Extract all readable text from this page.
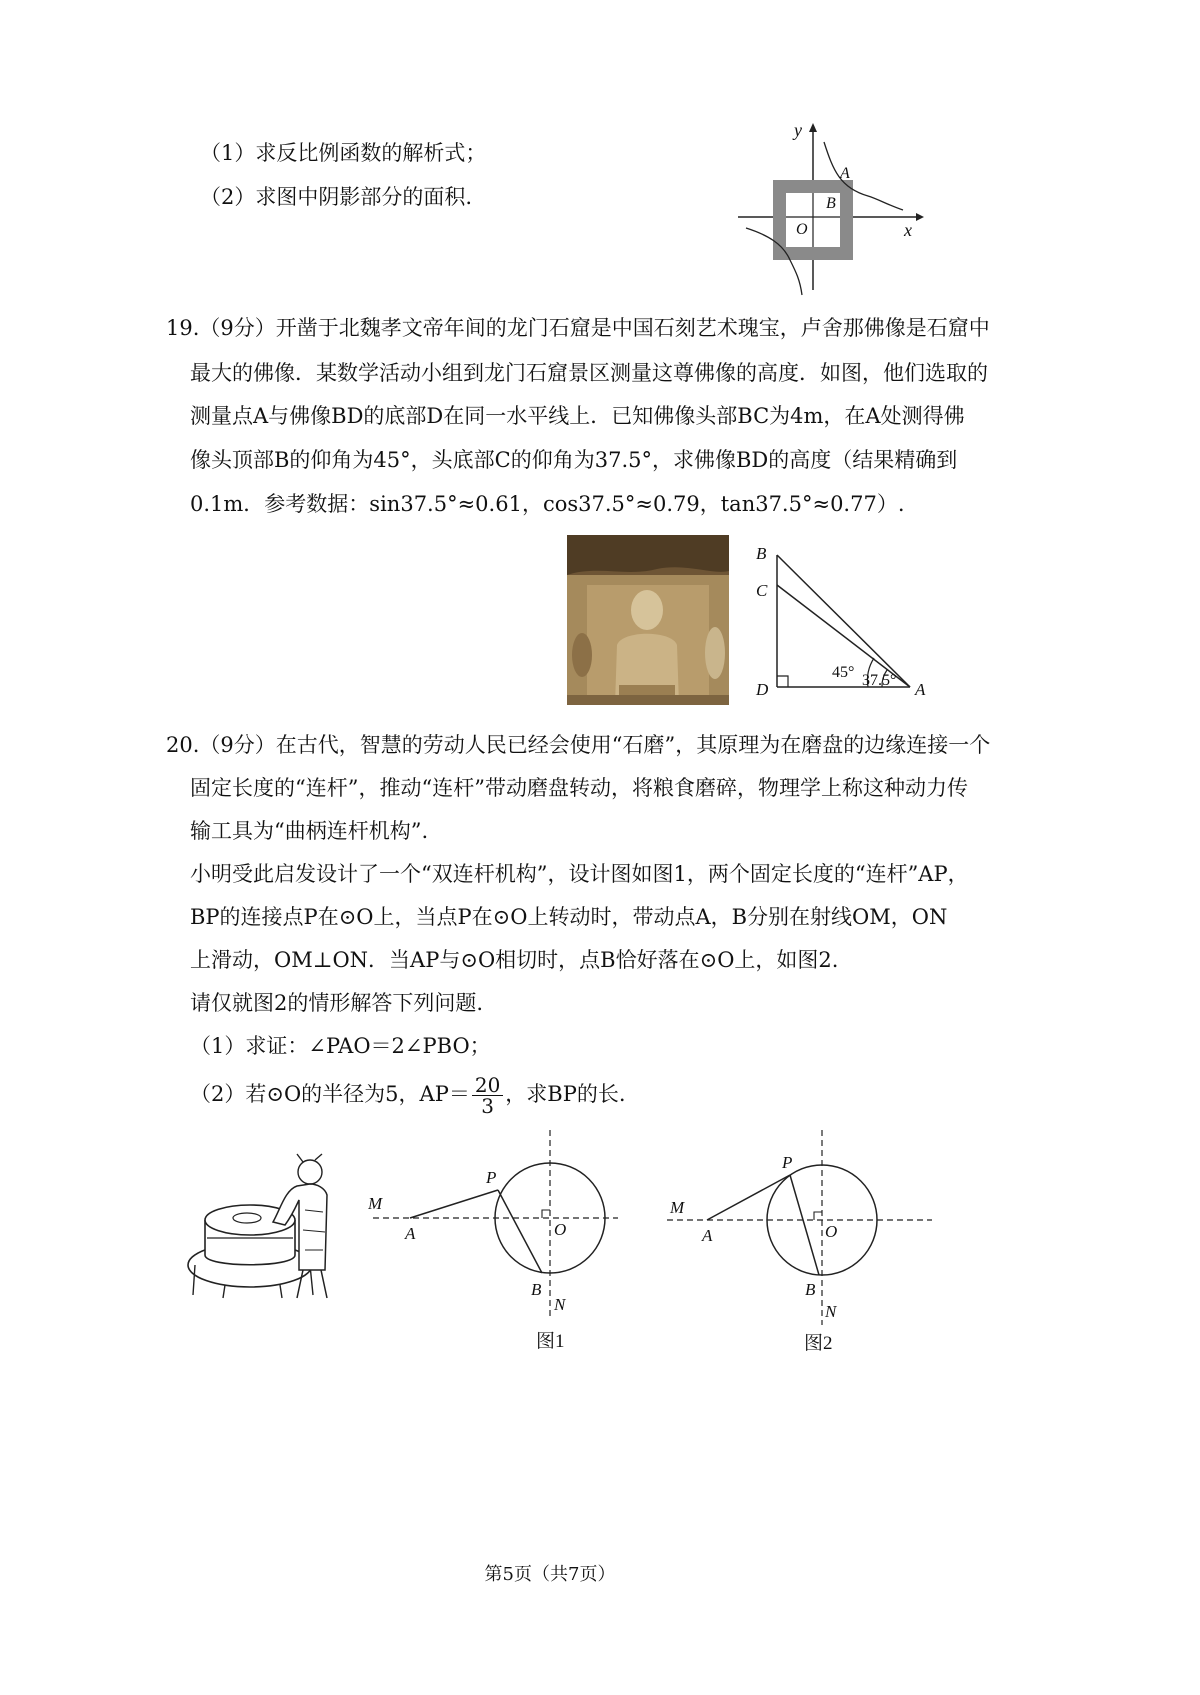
（1）求反比例函数的解析式；
（2）求图中阴影部分的面积.
y
x
A
B
O
19.（9分）开凿于北魏孝文帝年间的龙门石窟是中国石刻艺术瑰宝，卢舍那佛像是石窟中
最大的佛像．某数学活动小组到龙门石窟景区测量这尊佛像的高度．如图，他们选取的
测量点A与佛像BD的底部D在同一水平线上．已知佛像头部BC为4m，在A处测得佛
像头顶部B的仰角为45°，头底部C的仰角为37.5°，求佛像BD的高度（结果精确到
0.1m．参考数据：sin37.5°≈0.61，cos37.5°≈0.79，tan37.5°≈0.77）.
B
C
D	A
45° 37.5°
20.（9分）在古代，智慧的劳动人民已经会使用“石磨”，其原理为在磨盘的边缘连接一个
固定长度的“连杆”，推动“连杆”带动磨盘转动，将粮食磨碎，物理学上称这种动力传
输工具为“曲柄连杆机构”.
小明受此启发设计了一个“双连杆机构”，设计图如图1，两个固定长度的“连杆”AP，
BP的连接点P在⊙O上，当点P在⊙O上转动时，带动点A，B分别在射线OM，ON
上滑动，OM⊥ON．当AP与⊙O相切时，点B恰好落在⊙O上，如图2.
请仅就图2的情形解答下列问题.
（1）求证：∠PAO＝2∠PBO；
（2）若⊙O的半径为5，$AP= \frac{20}{3}$ ，求BP的长.
M
A
P
O
B
N
图1
M
A
P
O
B
N
图2
第5页（共7页）
